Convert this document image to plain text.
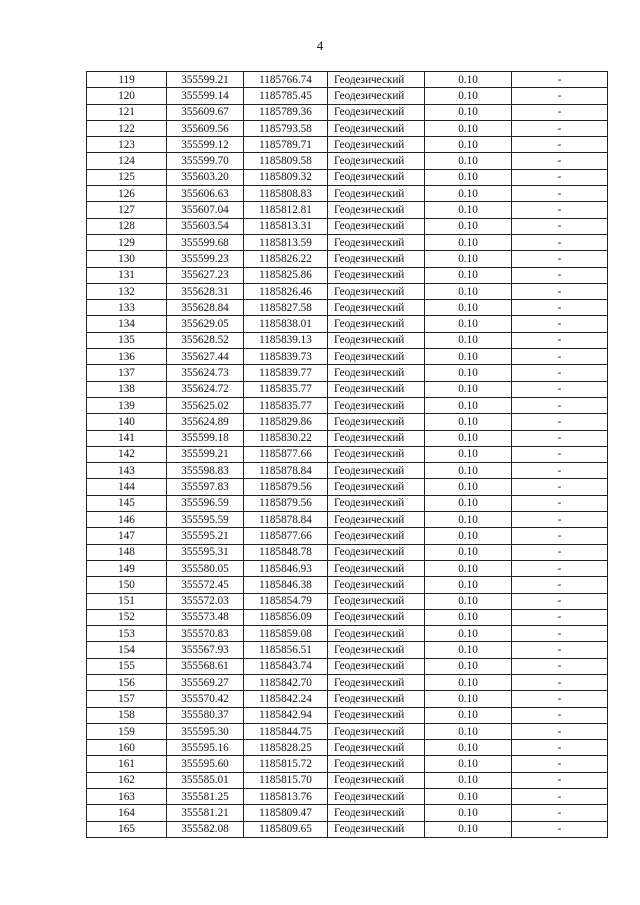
4
119	355599.21	1185766.74	Геодезический	0.10	-
120	355599.14	1185785.45	Геодезический	0.10	-
121	355609.67	1185789.36	Геодезический	0.10	-
122	355609.56	1185793.58	Геодезический	0.10	-
123	355599.12	1185789.71	Геодезический	0.10	-
124	355599.70	1185809.58	Геодезический	0.10	-
125	355603.20	1185809.32	Геодезический	0.10	-
126	355606.63	1185808.83	Геодезический	0.10	-
127	355607.04	1185812.81	Геодезический	0.10	-
128	355603.54	1185813.31	Геодезический	0.10	-
129	355599.68	1185813.59	Геодезический	0.10	-
130	355599.23	1185826.22	Геодезический	0.10	-
131	355627.23	1185825.86	Геодезический	0.10	-
132	355628.31	1185826.46	Геодезический	0.10	-
133	355628.84	1185827.58	Геодезический	0.10	-
134	355629.05	1185838.01	Геодезический	0.10	-
135	355628.52	1185839.13	Геодезический	0.10	-
136	355627.44	1185839.73	Геодезический	0.10	-
137	355624.73	1185839.77	Геодезический	0.10	-
138	355624.72	1185835.77	Геодезический	0.10	-
139	355625.02	1185835.77	Геодезический	0.10	-
140	355624.89	1185829.86	Геодезический	0.10	-
141	355599.18	1185830.22	Геодезический	0.10	-
142	355599.21	1185877.66	Геодезический	0.10	-
143	355598.83	1185878.84	Геодезический	0.10	-
144	355597.83	1185879.56	Геодезический	0.10	-
145	355596.59	1185879.56	Геодезический	0.10	-
146	355595.59	1185878.84	Геодезический	0.10	-
147	355595.21	1185877.66	Геодезический	0.10	-
148	355595.31	1185848.78	Геодезический	0.10	-
149	355580.05	1185846.93	Геодезический	0.10	-
150	355572.45	1185846.38	Геодезический	0.10	-
151	355572.03	1185854.79	Геодезический	0.10	-
152	355573.48	1185856.09	Геодезический	0.10	-
153	355570.83	1185859.08	Геодезический	0.10	-
154	355567.93	1185856.51	Геодезический	0.10	-
155	355568.61	1185843.74	Геодезический	0.10	-
156	355569.27	1185842.70	Геодезический	0.10	-
157	355570.42	1185842.24	Геодезический	0.10	-
158	355580.37	1185842.94	Геодезический	0.10	-
159	355595.30	1185844.75	Геодезический	0.10	-
160	355595.16	1185828.25	Геодезический	0.10	-
161	355595.60	1185815.72	Геодезический	0.10	-
162	355585.01	1185815.70	Геодезический	0.10	-
163	355581.25	1185813.76	Геодезический	0.10	-
164	355581.21	1185809.47	Геодезический	0.10	-
165	355582.08	1185809.65	Геодезический	0.10	-
